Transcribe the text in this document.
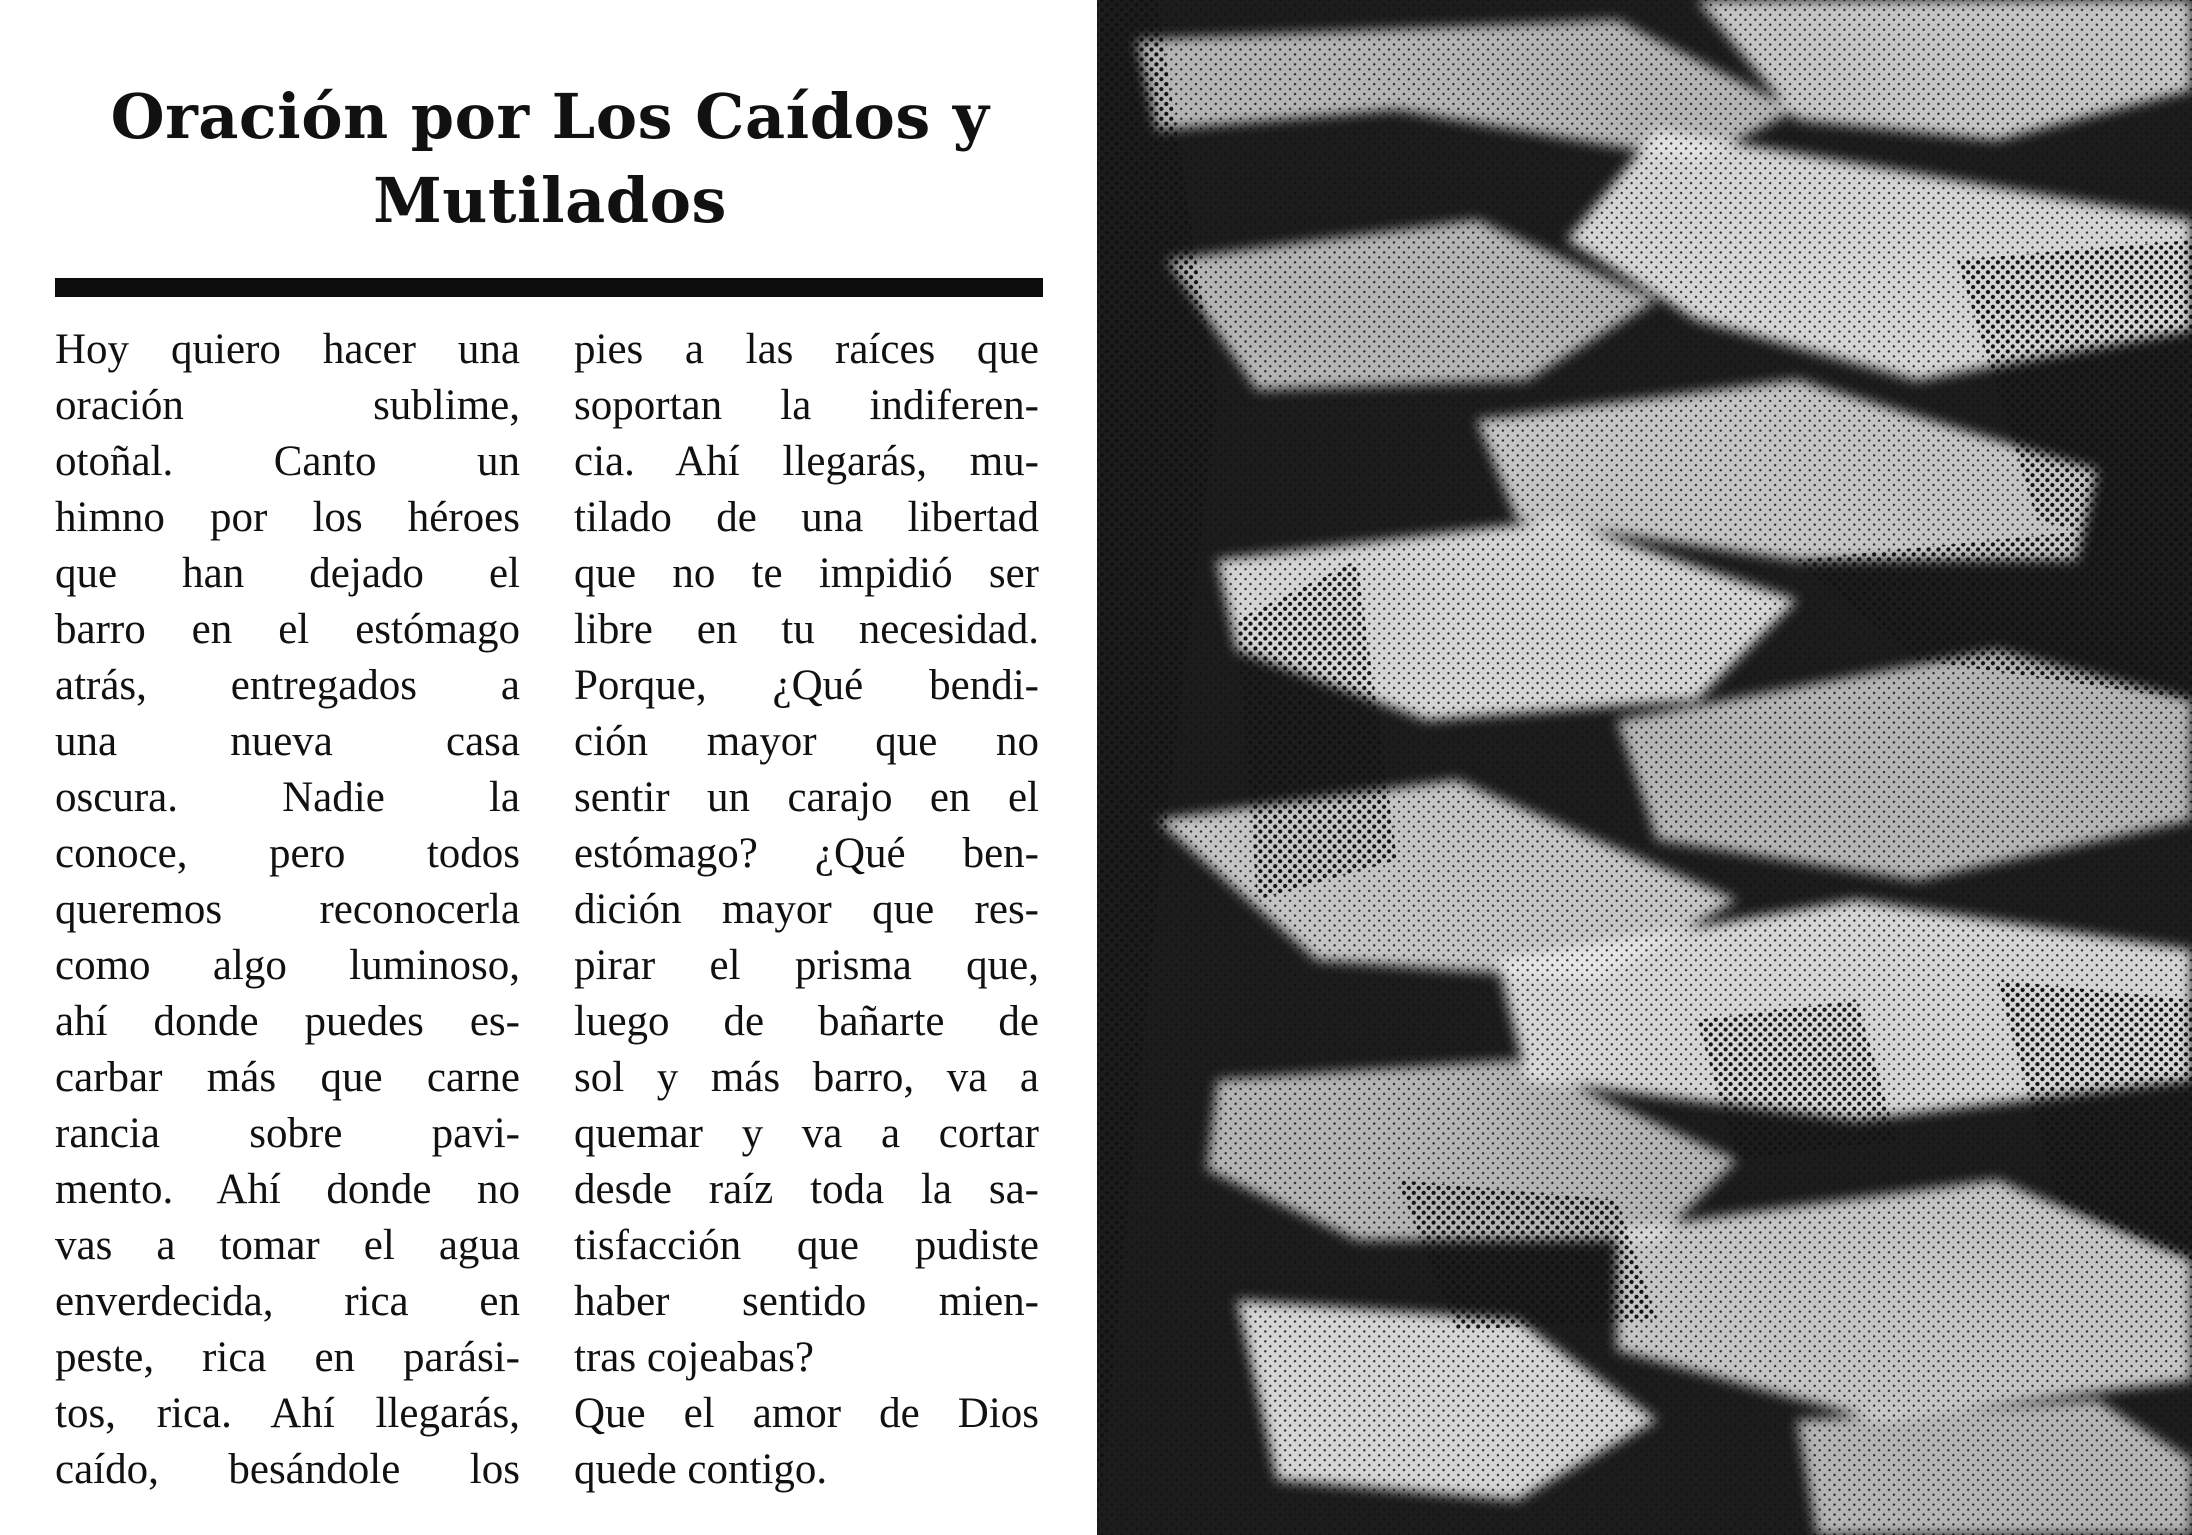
Oración por Los Caídos y
Mutilados
Hoy quiero hacer una
oración sublime,
otoñal. Canto un
himno por los héroes
que han dejado el
barro en el estómago
atrás, entregados a
una nueva casa
oscura. Nadie la
conoce, pero todos
queremos reconocerla
como algo luminoso,
ahí donde puedes es-
carbar más que carne
rancia sobre pavi-
mento. Ahí donde no
vas a tomar el agua
enverdecida, rica en
peste, rica en parási-
tos, rica. Ahí llegarás,
caído, besándole los
pies a las raíces que
soportan la indiferen-
cia. Ahí llegarás, mu-
tilado de una libertad
que no te impidió ser
libre en tu necesidad.
Porque, ¿Qué bendi-
ción mayor que no
sentir un carajo en el
estómago? ¿Qué ben-
dición mayor que res-
pirar el prisma que,
luego de bañarte de
sol y más barro, va a
quemar y va a cortar
desde raíz toda la sa-
tisfacción que pudiste
haber sentido mien-
tras cojeabas?
Que el amor de Dios
quede contigo.
